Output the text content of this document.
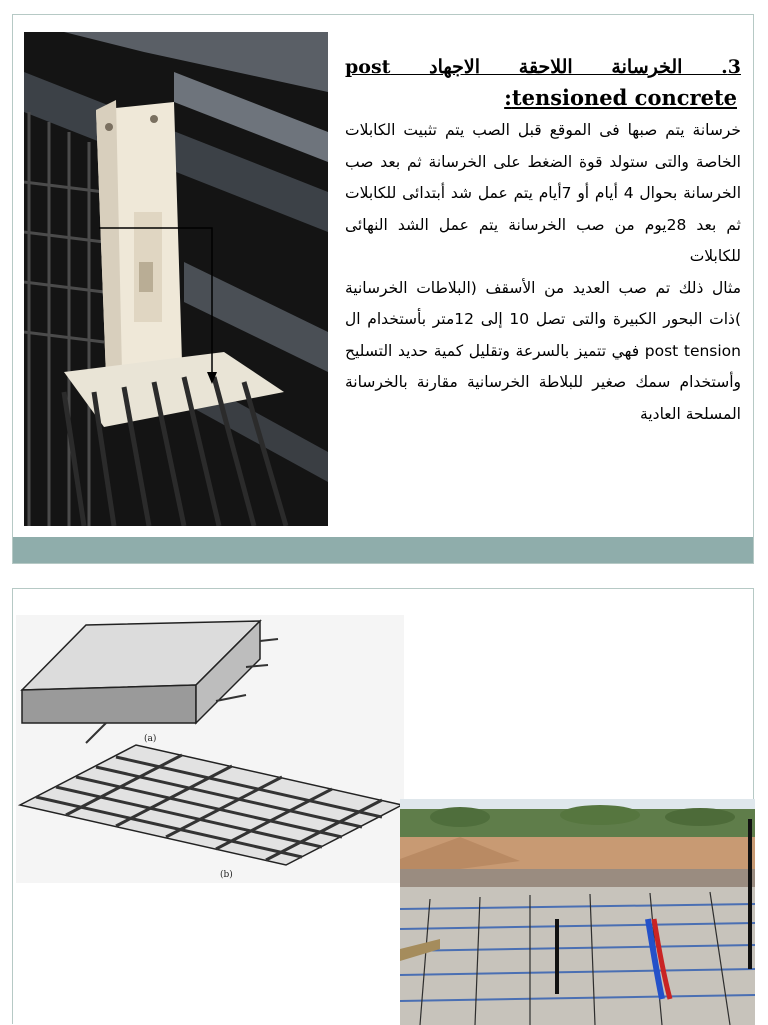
3. الخرسانة اللاحقة الاجهاد post
tensioned concrete:

خرسانة يتم صبها فى الموقع قبل الصب يتم تثبيت الكابلات الخاصة والتى ستولد قوة الضغط على الخرسانة ثم بعد صب الخرسانة بحوال 4 أيام أو 7أيام يتم عمل شد أبتدائى للكابلات ثم بعد 28يوم من صب الخرسانة يتم عمل الشد النهائى للكابلات

مثال ذلك تم صب العديد من الأسقف (البلاطات الخرسانية )ذات البحور الكبيرة والتى تصل 10 إلى 12متر بأستخدام ال post tension فهي تتميز بالسرعة وتقليل كمية حديد التسليح وأستخدام سمك صغير للبلاطة الخرسانية مقارنة بالخرسانة المسلحة العادية

(a)
(b)
